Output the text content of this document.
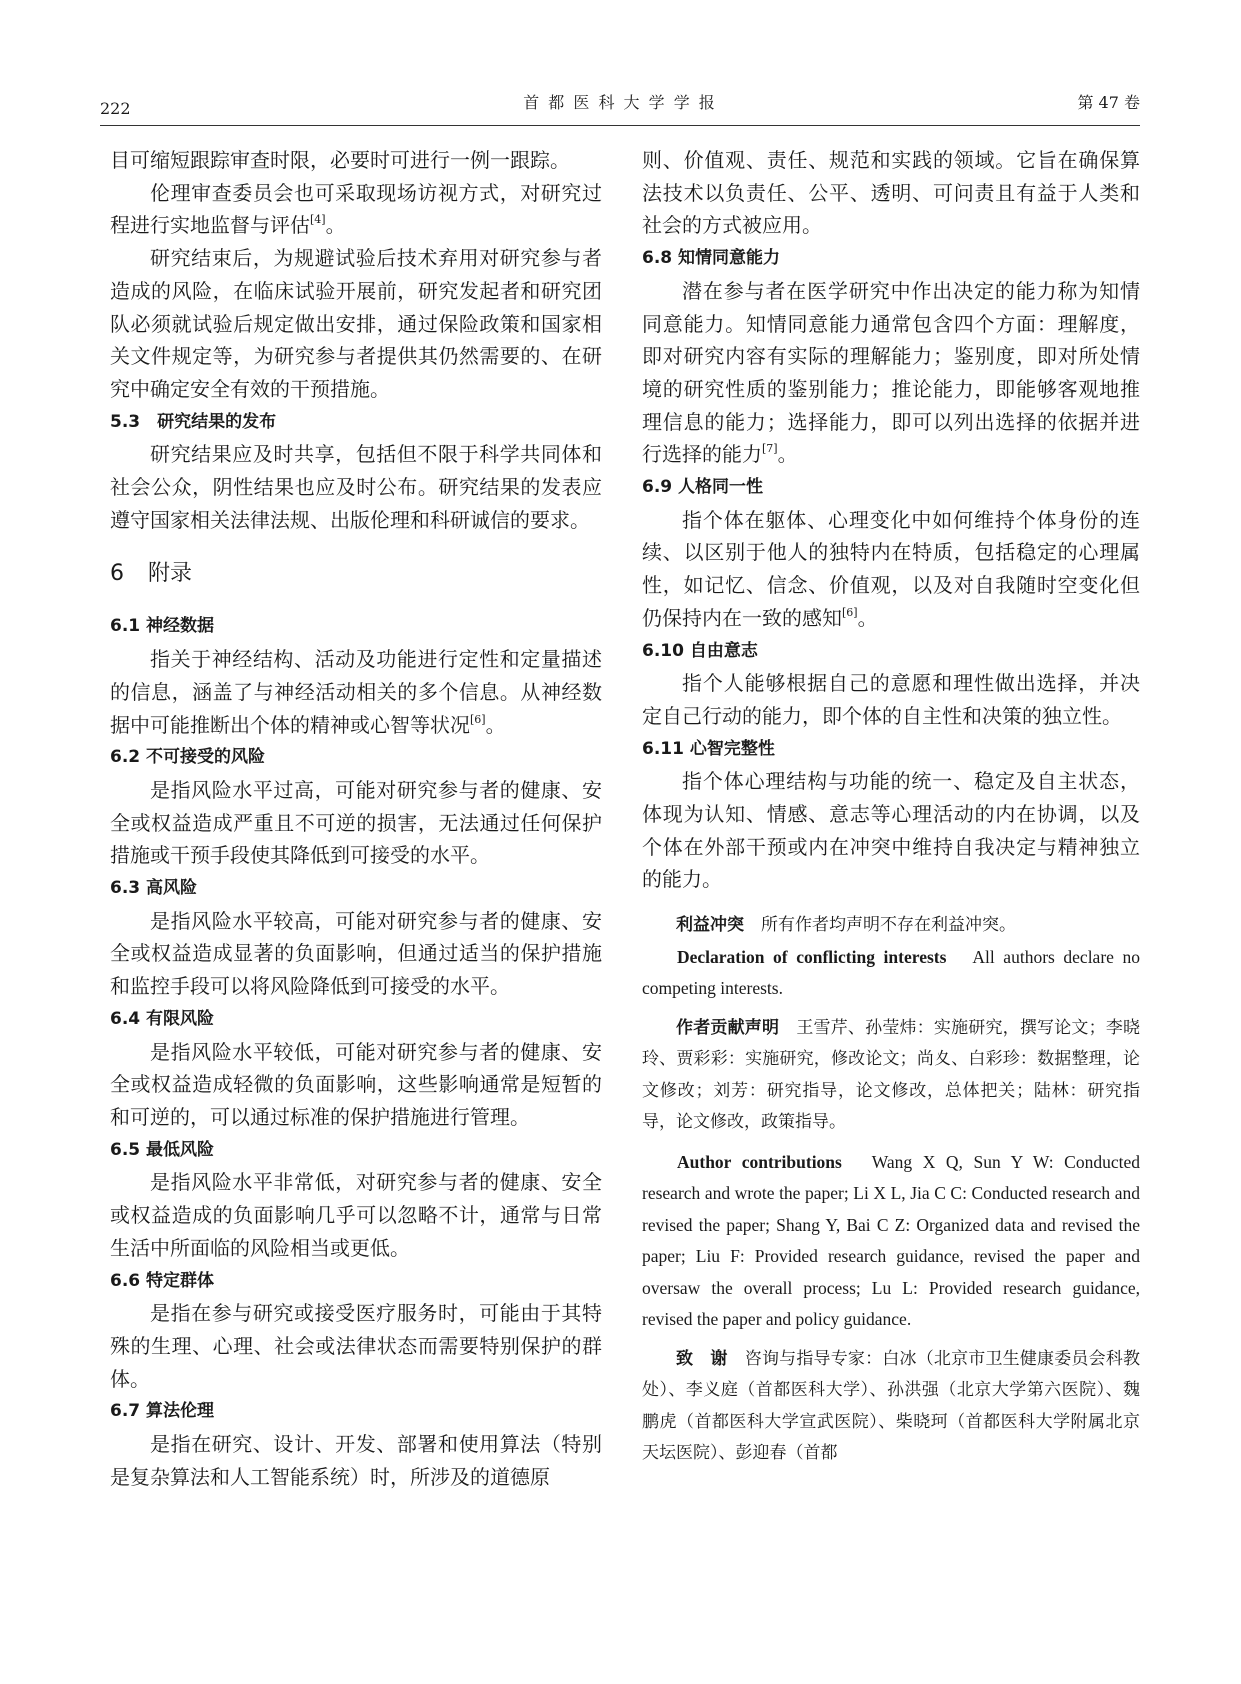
222	首 都 医 科 大 学 学 报	第 47 卷

目可缩短跟踪审查时限，必要时可进行一例一跟踪。

伦理审查委员会也可采取现场访视方式，对研究过程进行实地监督与评估[4]。

研究结束后，为规避试验后技术弃用对研究参与者造成的风险，在临床试验开展前，研究发起者和研究团队必须就试验后规定做出安排，通过保险政策和国家相关文件规定等，为研究参与者提供其仍然需要的、在研究中确定安全有效的干预措施。

5.3　研究结果的发布

研究结果应及时共享，包括但不限于科学共同体和社会公众，阴性结果也应及时公布。研究结果的发表应遵守国家相关法律法规、出版伦理和科研诚信的要求。

6 附录
6.1 神经数据

指关于神经结构、活动及功能进行定性和定量描述的信息，涵盖了与神经活动相关的多个信息。从神经数据中可能推断出个体的精神或心智等状况[6]。

6.2 不可接受的风险

是指风险水平过高，可能对研究参与者的健康、安全或权益造成严重且不可逆的损害，无法通过任何保护措施或干预手段使其降低到可接受的水平。

6.3 高风险

是指风险水平较高，可能对研究参与者的健康、安全或权益造成显著的负面影响，但通过适当的保护措施和监控手段可以将风险降低到可接受的水平。

6.4 有限风险

是指风险水平较低，可能对研究参与者的健康、安全或权益造成轻微的负面影响，这些影响通常是短暂的和可逆的，可以通过标准的保护措施进行管理。

6.5 最低风险

是指风险水平非常低，对研究参与者的健康、安全或权益造成的负面影响几乎可以忽略不计，通常与日常生活中所面临的风险相当或更低。

6.6 特定群体

是指在参与研究或接受医疗服务时，可能由于其特殊的生理、心理、社会或法律状态而需要特别保护的群体。

6.7 算法伦理

是指在研究、设计、开发、部署和使用算法（特别是复杂算法和人工智能系统）时，所涉及的道德原

则、价值观、责任、规范和实践的领域。它旨在确保算法技术以负责任、公平、透明、可问责且有益于人类和社会的方式被应用。

6.8 知情同意能力

潜在参与者在医学研究中作出决定的能力称为知情同意能力。知情同意能力通常包含四个方面：理解度，即对研究内容有实际的理解能力；鉴别度，即对所处情境的研究性质的鉴别能力；推论能力，即能够客观地推理信息的能力；选择能力，即可以列出选择的依据并进行选择的能力[7]。

6.9 人格同一性

指个体在躯体、心理变化中如何维持个体身份的连续、以区别于他人的独特内在特质，包括稳定的心理属性，如记忆、信念、价值观，以及对自我随时空变化但仍保持内在一致的感知[6]。

6.10 自由意志

指个人能够根据自己的意愿和理性做出选择，并决定自己行动的能力，即个体的自主性和决策的独立性。

6.11 心智完整性

指个体心理结构与功能的统一、稳定及自主状态，体现为认知、情感、意志等心理活动的内在协调，以及个体在外部干预或内在冲突中维持自我决定与精神独立的能力。

利益冲突　 所有作者均声明不存在利益冲突。

Declaration of conflicting interests　 All authors declare no competing interests.

作者贡献声明　 王雪芹、孙莹炜：实施研究，撰写论文；李晓玲、贾彩彩：实施研究，修改论文；尚夊、白彩珍：数据整理，论文修改；刘芳：研究指导，论文修改，总体把关；陆林：研究指导，论文修改，政策指导。

Author contributions　 Wang X Q, Sun Y W: Conducted research and wrote the paper; Li X L, Jia C C: Conducted research and revised the paper; Shang Y, Bai C Z: Organized data and revised the paper; Liu F: Provided research guidance, revised the paper and oversaw the overall process; Lu L: Provided research guidance, revised the paper and policy guidance.

致　谢　 咨询与指导专家：白冰（北京市卫生健康委员会科教处）、李义庭（首都医科大学）、孙洪强（北京大学第六医院）、魏鹏虎（首都医科大学宣武医院）、柴晓珂（首都医科大学附属北京天坛医院）、彭迎春（首都
